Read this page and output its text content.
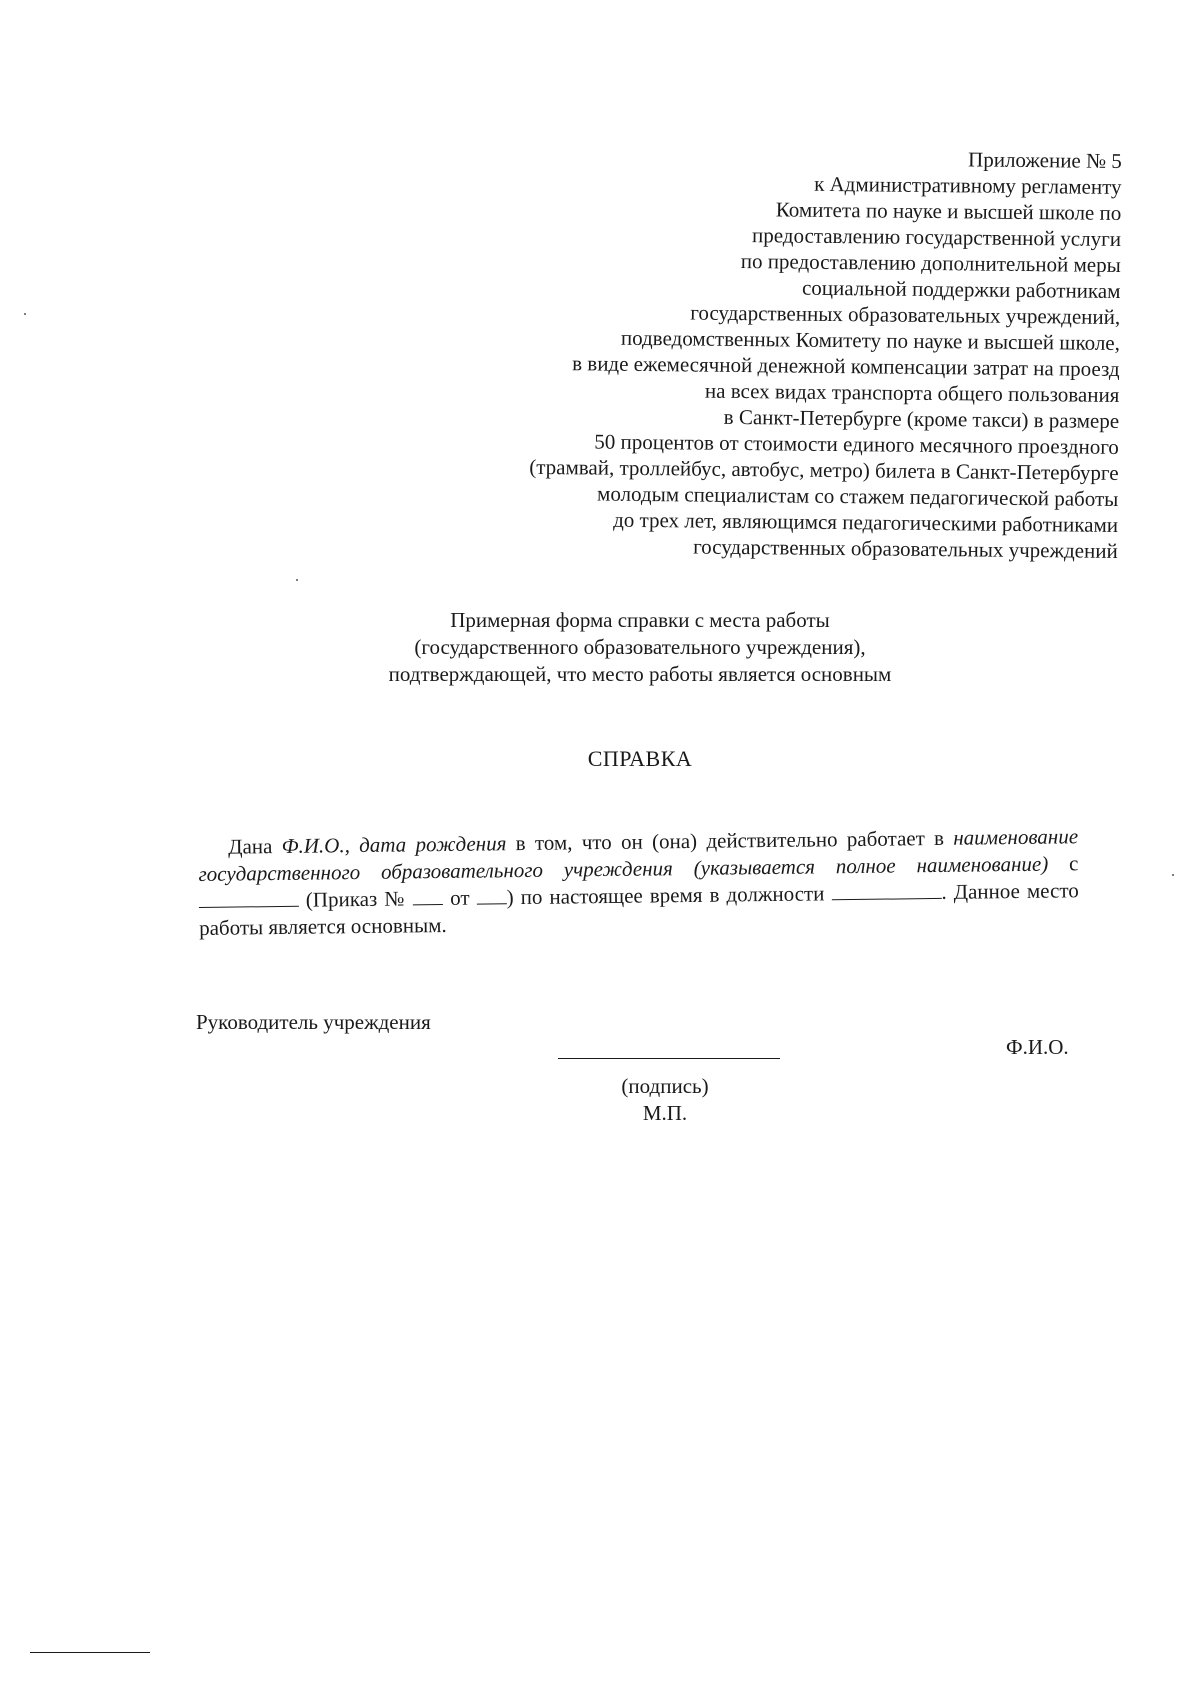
Приложение № 5
к Административному регламенту
Комитета по науке и высшей школе по
предоставлению государственной услуги
по предоставлению дополнительной меры
социальной поддержки работникам
государственных образовательных учреждений,
подведомственных Комитету по науке и высшей школе,
в виде ежемесячной денежной компенсации затрат на проезд
на всех видах транспорта общего пользования
в Санкт-Петербурге (кроме такси) в размере
50 процентов от стоимости единого месячного проездного
(трамвай, троллейбус, автобус, метро) билета в Санкт-Петербурге
молодым специалистам со стажем педагогической работы
до трех лет, являющимся педагогическими работниками
государственных образовательных учреждений
Примерная форма справки с места работы
(государственного образовательного учреждения),
подтверждающей, что место работы является основным
СПРАВКА

Дана Ф.И.О., дата рождения в том, что он (она) действительно работает в наименование государственного образовательного учреждения (указывается полное наименование) с  (Приказ №  от ) по настоящее время в должности	. Данное место работы является основным.

Руководитель учреждения
Ф.И.О.
(подпись)
М.П.
